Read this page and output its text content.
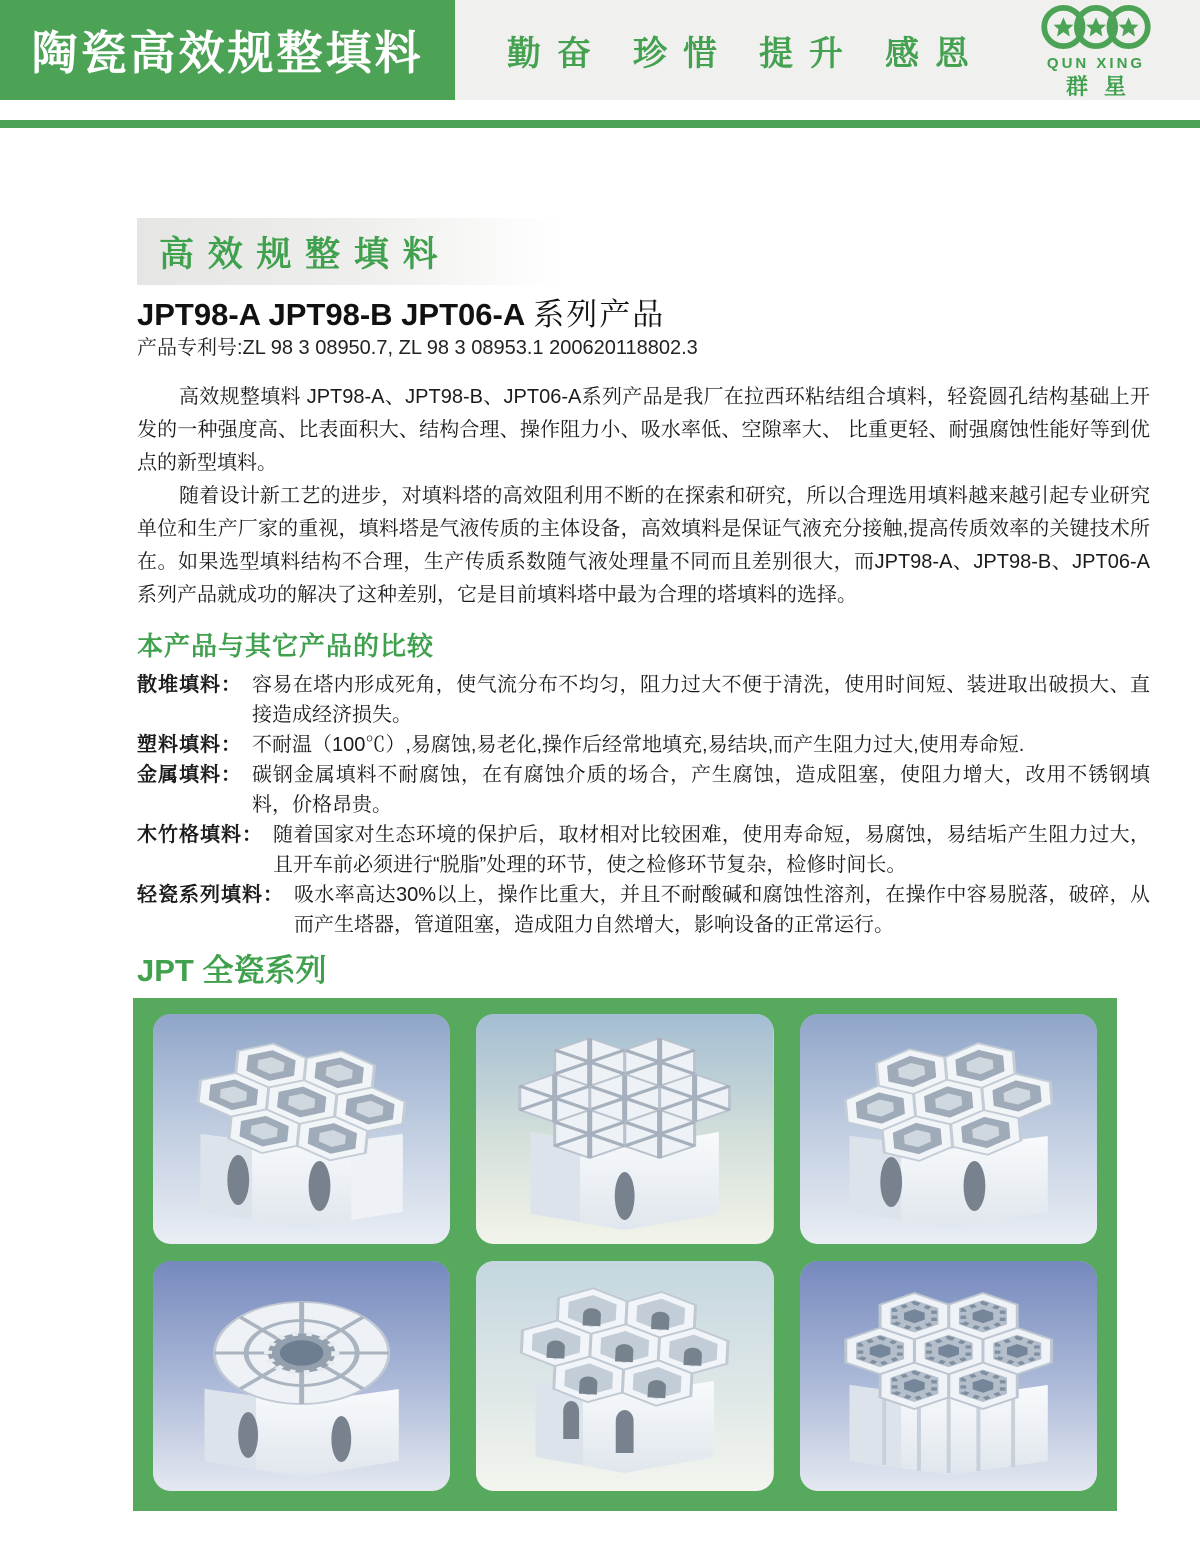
陶瓷高效规整填料 勤奋 珍惜 提升 感恩	QUN XING
群星
高 效 规 整 填 料
JPT98-A JPT98-B JPT06-A 系列产品
产品专利号:ZL 98 3 08950.7, ZL 98 3 08953.1 200620118802.3
高效规整填料 JPT98-A、JPT98-B、JPT06-A系列产品是我厂在拉西环粘结组合填料，轻瓷圆孔结构基础上开发的一种强度高、比表面积大、结构合理、操作阻力小、吸水率低、空隙率大、 比重更轻、耐强腐蚀性能好等到优点的新型填料。
随着设计新工艺的进步，对填料塔的高效阻利用不断的在探索和研究，所以合理选用填料越来越引起专业研究单位和生产厂家的重视，填料塔是气液传质的主体设备，高效填料是保证气液充分接触,提高传质效率的关键技术所在。如果选型填料结构不合理，生产传质系数随气液处理量不同而且差别很大，而JPT98-A、JPT98-B、JPT06-A系列产品就成功的解决了这种差别，它是目前填料塔中最为合理的塔填料的选择。
本产品与其它产品的比较
散堆填料： 容易在塔内形成死角，使气流分布不均匀，阻力过大不便于清洗，使用时间短、装进取出破损大、直接造成经济损失。
塑料填料： 不耐温（100℃）,易腐蚀,易老化,操作后经常地填充,易结块,而产生阻力过大,使用寿命短.
金属填料： 碳钢金属填料不耐腐蚀，在有腐蚀介质的场合，产生腐蚀，造成阻塞，使阻力增大，改用不锈钢填料，价格昂贵。
木竹格填料： 随着国家对生态环境的保护后，取材相对比较困难，使用寿命短，易腐蚀，易结垢产生阻力过大，且开车前必须进行“脱脂”处理的环节，使之检修环节复杂，检修时间长。
轻瓷系列填料： 吸水率高达30%以上，操作比重大，并且不耐酸碱和腐蚀性溶剂，在操作中容易脱落，破碎，从而产生塔器，管道阻塞，造成阻力自然增大，影响设备的正常运行。
JPT 全瓷系列
